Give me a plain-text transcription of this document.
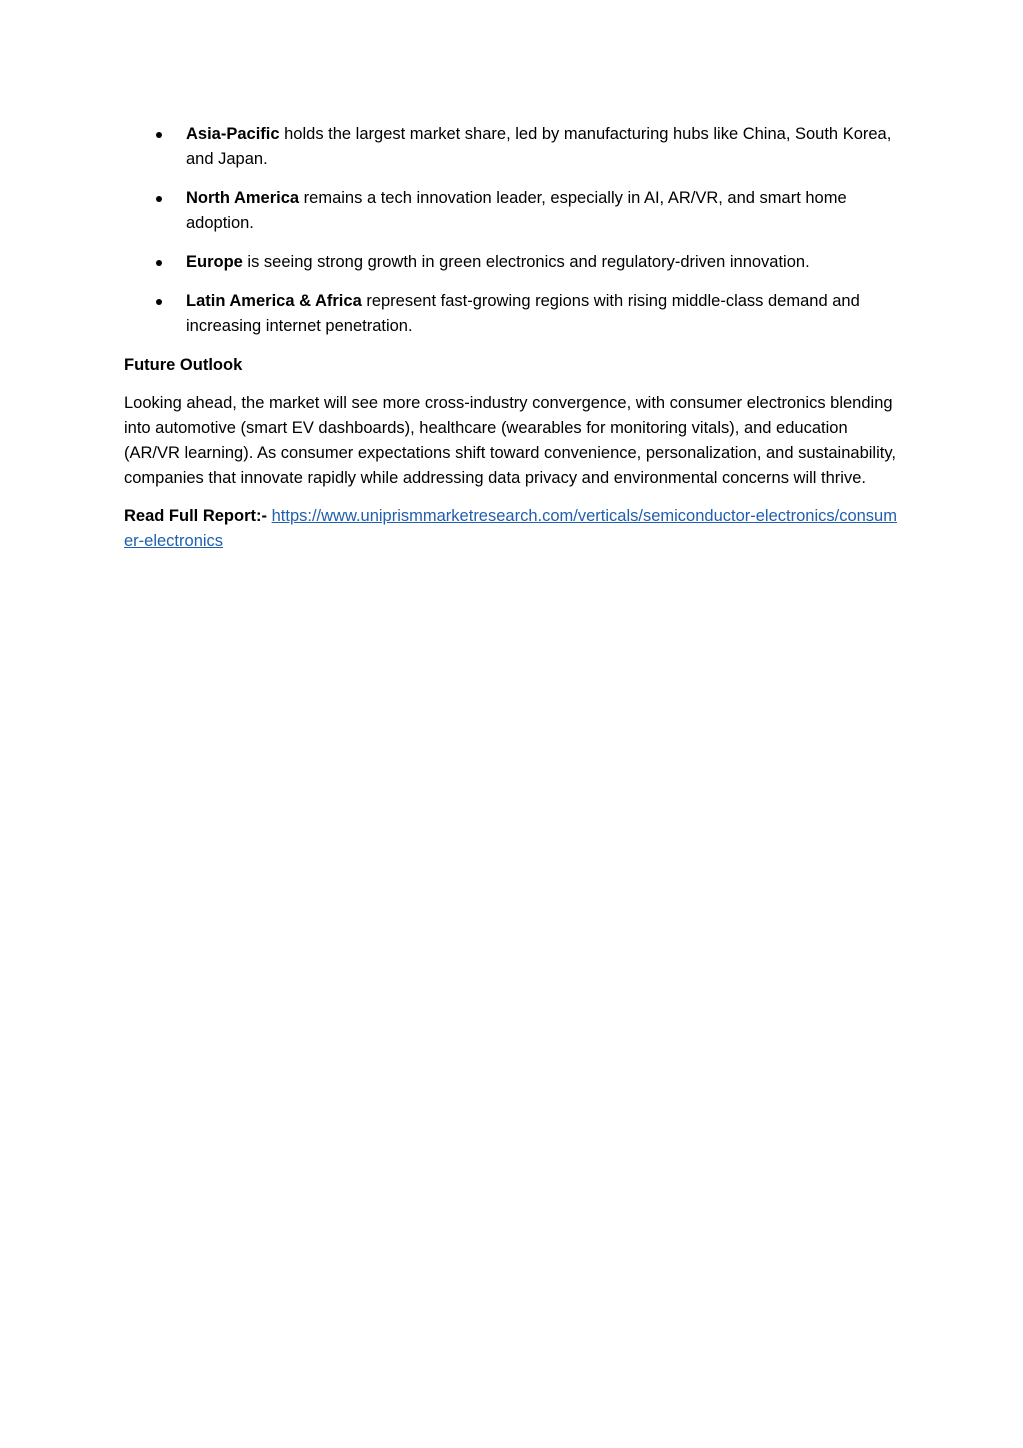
Asia-Pacific holds the largest market share, led by manufacturing hubs like China, South Korea, and Japan.
North America remains a tech innovation leader, especially in AI, AR/VR, and smart home adoption.
Europe is seeing strong growth in green electronics and regulatory-driven innovation.
Latin America & Africa represent fast-growing regions with rising middle-class demand and increasing internet penetration.
Future Outlook

Looking ahead, the market will see more cross-industry convergence, with consumer electronics blending into automotive (smart EV dashboards), healthcare (wearables for monitoring vitals), and education (AR/VR learning). As consumer expectations shift toward convenience, personalization, and sustainability, companies that innovate rapidly while addressing data privacy and environmental concerns will thrive.

Read Full Report:- https://www.uniprismmarketresearch.com/verticals/semiconductor-electronics/consumer-electronics
